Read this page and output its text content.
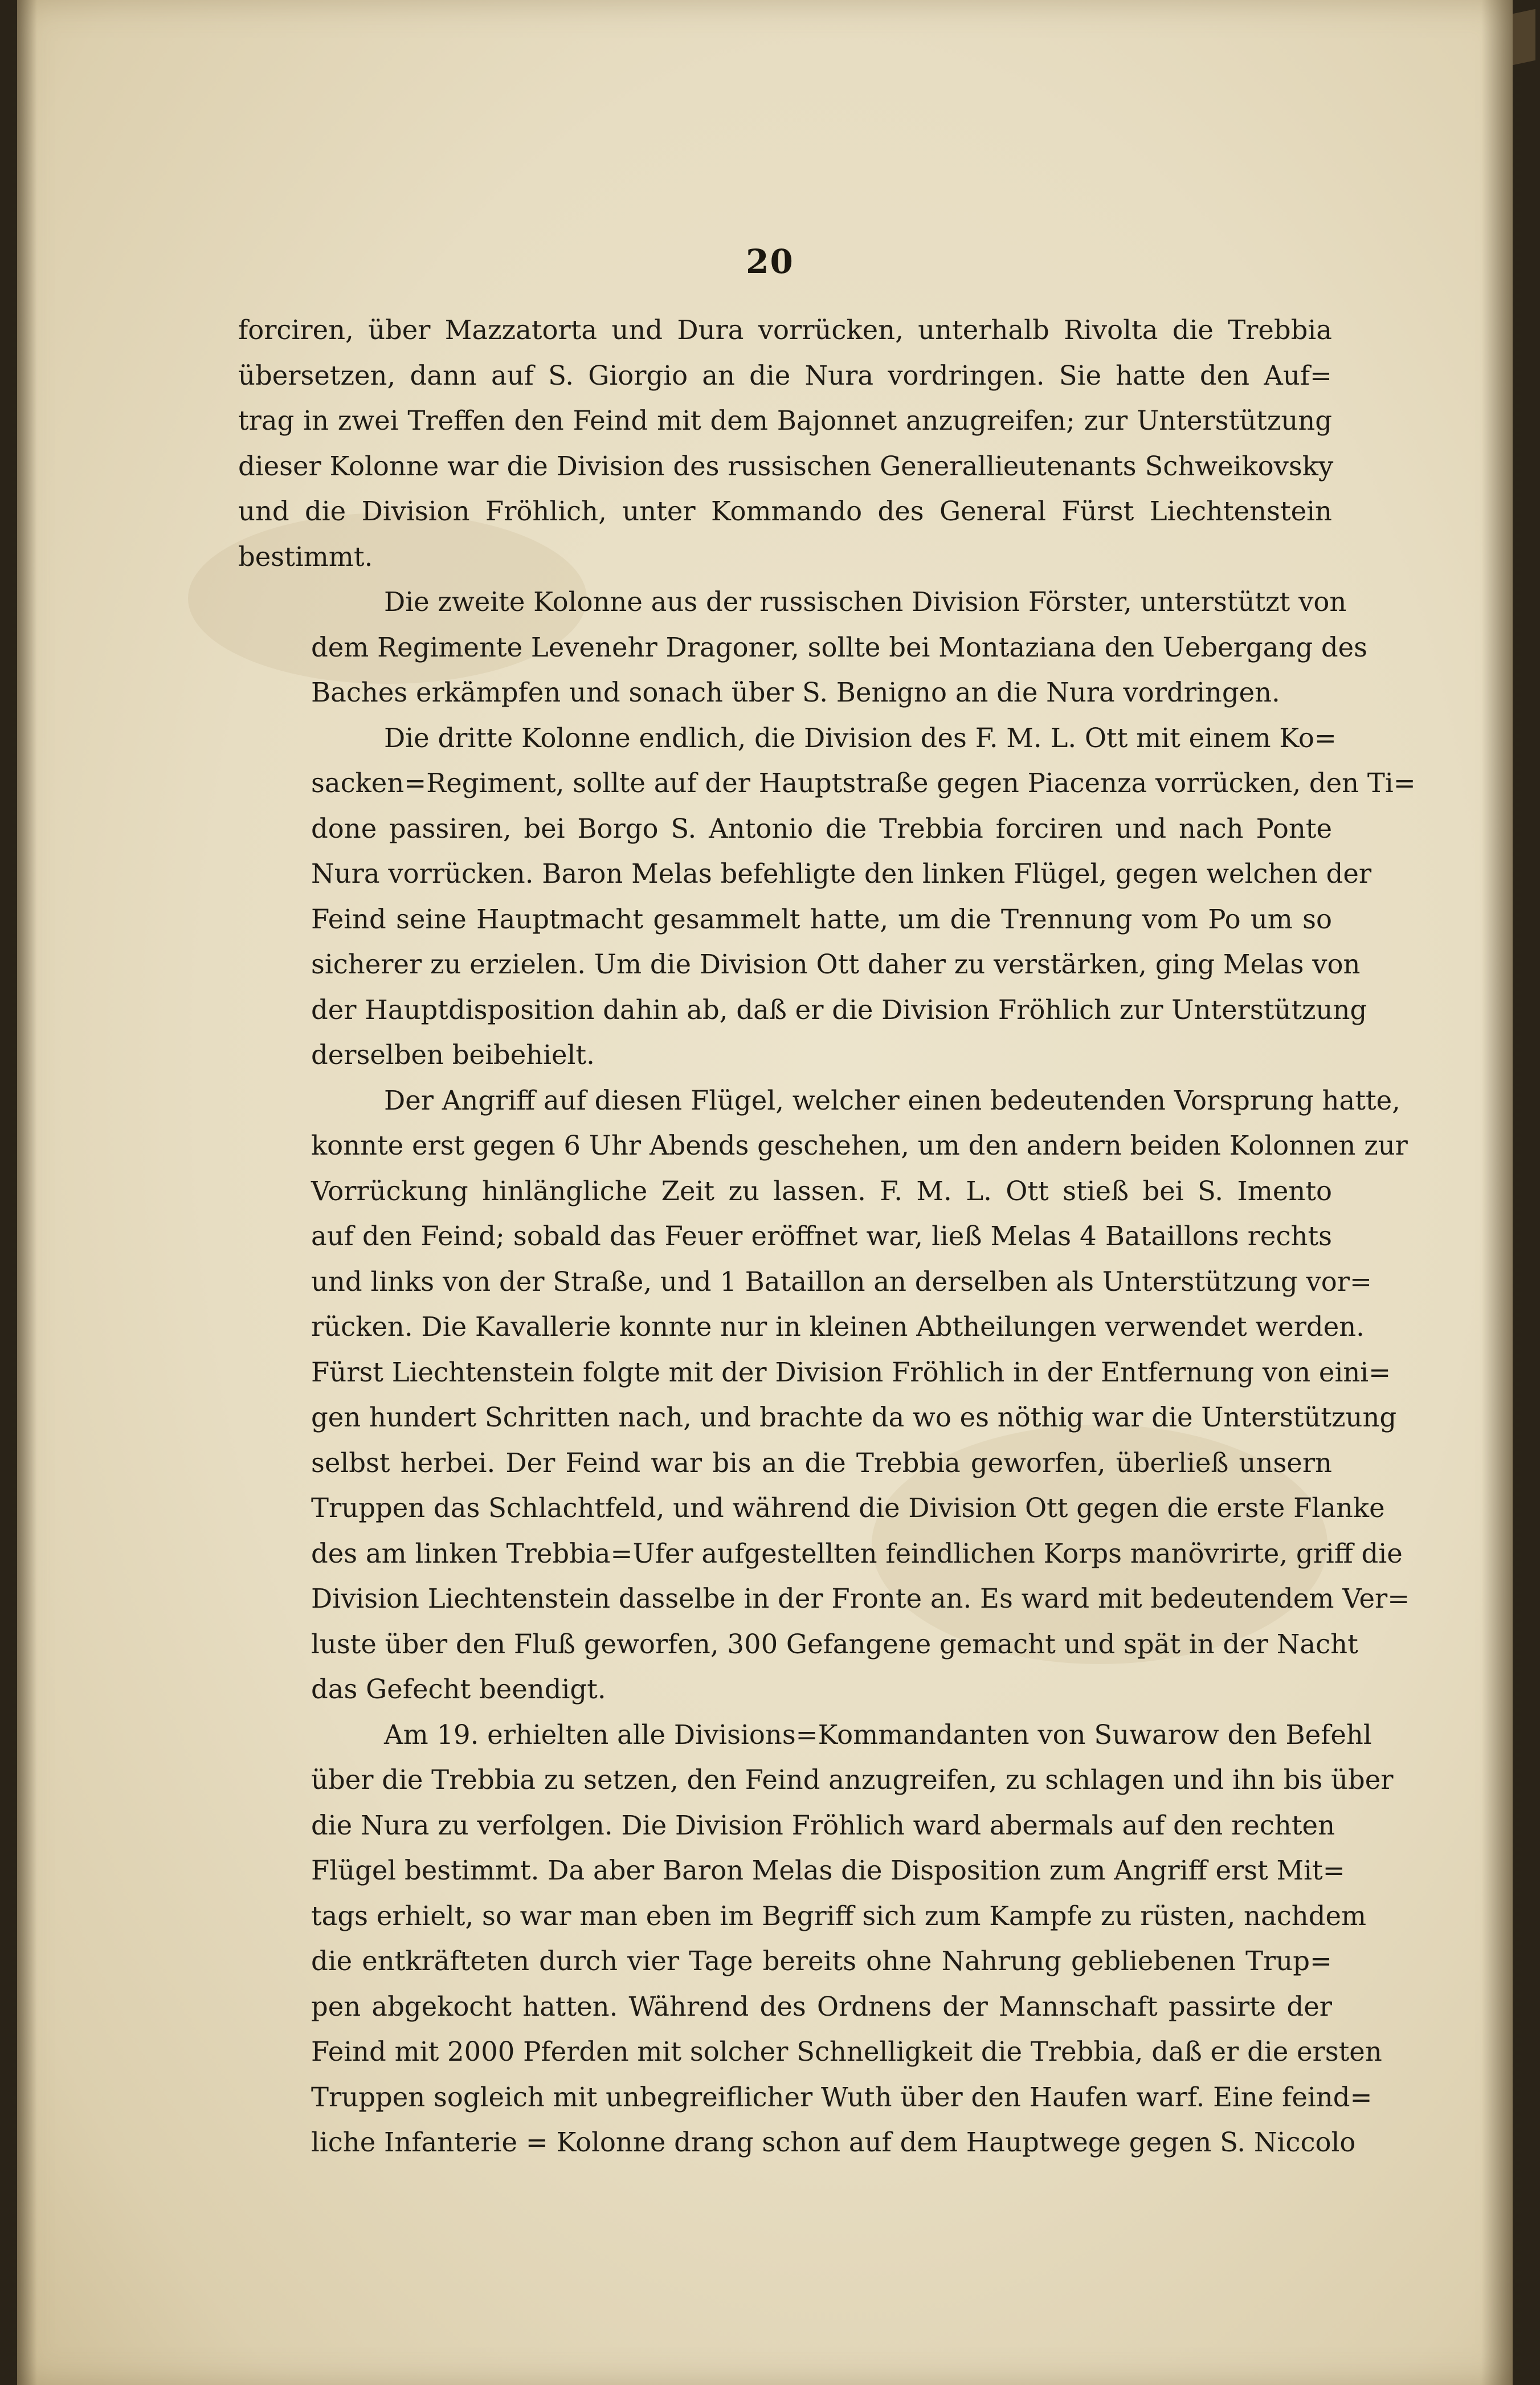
20
forciren, über Mazzatorta und Dura vorrücken, unterhalb Rivolta die Trebbia
übersetzen, dann auf S. Giorgio an die Nura vordringen. Sie hatte den Auf=
trag in zwei Treffen den Feind mit dem Bajonnet anzugreifen; zur Unterstützung
dieser Kolonne war die Division des russischen Generallieutenants Schweikovsky
und die Division Fröhlich, unter Kommando des General Fürst Liechtenstein
bestimmt.
Die zweite Kolonne aus der russischen Division Förster, unterstützt von
dem Regimente Levenehr Dragoner, sollte bei Montaziana den Uebergang des
Baches erkämpfen und sonach über S. Benigno an die Nura vordringen.
Die dritte Kolonne endlich, die Division des F. M. L. Ott mit einem Ko=
sacken=Regiment, sollte auf der Hauptstraße gegen Piacenza vorrücken, den Ti=
done passiren, bei Borgo S. Antonio die Trebbia forciren und nach Ponte
Nura vorrücken. Baron Melas befehligte den linken Flügel, gegen welchen der
Feind seine Hauptmacht gesammelt hatte, um die Trennung vom Po um so
sicherer zu erzielen. Um die Division Ott daher zu verstärken, ging Melas von
der Hauptdisposition dahin ab, daß er die Division Fröhlich zur Unterstützung
derselben beibehielt.
Der Angriff auf diesen Flügel, welcher einen bedeutenden Vorsprung hatte,
konnte erst gegen 6 Uhr Abends geschehen, um den andern beiden Kolonnen zur
Vorrückung hinlängliche Zeit zu lassen. F. M. L. Ott stieß bei S. Imento
auf den Feind; sobald das Feuer eröffnet war, ließ Melas 4 Bataillons rechts
und links von der Straße, und 1 Bataillon an derselben als Unterstützung vor=
rücken. Die Kavallerie konnte nur in kleinen Abtheilungen verwendet werden.
Fürst Liechtenstein folgte mit der Division Fröhlich in der Entfernung von eini=
gen hundert Schritten nach, und brachte da wo es nöthig war die Unterstützung
selbst herbei. Der Feind war bis an die Trebbia geworfen, überließ unsern
Truppen das Schlachtfeld, und während die Division Ott gegen die erste Flanke
des am linken Trebbia=Ufer aufgestellten feindlichen Korps manövrirte, griff die
Division Liechtenstein dasselbe in der Fronte an. Es ward mit bedeutendem Ver=
luste über den Fluß geworfen, 300 Gefangene gemacht und spät in der Nacht
das Gefecht beendigt.
Am 19. erhielten alle Divisions=Kommandanten von Suwarow den Befehl
über die Trebbia zu setzen, den Feind anzugreifen, zu schlagen und ihn bis über
die Nura zu verfolgen. Die Division Fröhlich ward abermals auf den rechten
Flügel bestimmt. Da aber Baron Melas die Disposition zum Angriff erst Mit=
tags erhielt, so war man eben im Begriff sich zum Kampfe zu rüsten, nachdem
die entkräfteten durch vier Tage bereits ohne Nahrung gebliebenen Trup=
pen abgekocht hatten. Während des Ordnens der Mannschaft passirte der
Feind mit 2000 Pferden mit solcher Schnelligkeit die Trebbia, daß er die ersten
Truppen sogleich mit unbegreiflicher Wuth über den Haufen warf. Eine feind=
liche Infanterie = Kolonne drang schon auf dem Hauptwege gegen S. Niccolo
